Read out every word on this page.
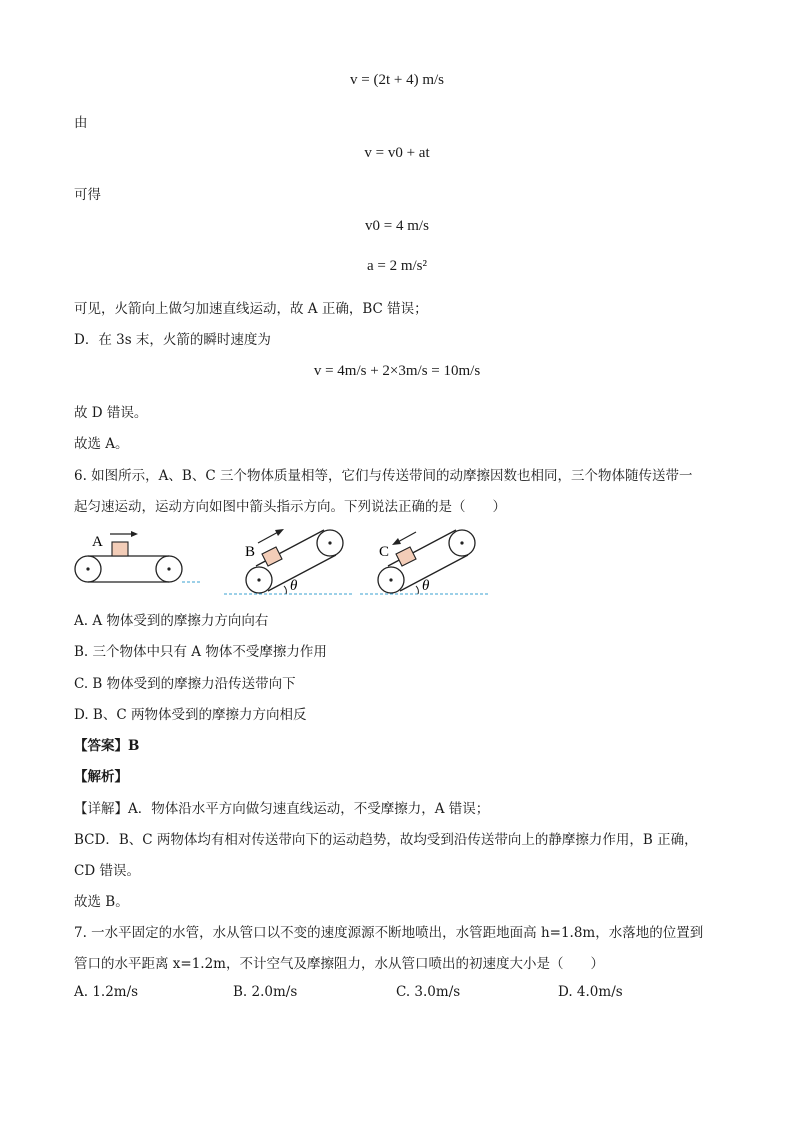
v = (2t + 4) m/s
由
v = v0 + at
可得
v0 = 4 m/s
a = 2 m/s²
可见，火箭向上做匀加速直线运动，故 A 正确，BC 错误；
D．在 3s 末，火箭的瞬时速度为
v = 4m/s + 2×3m/s = 10m/s
故 D 错误。
故选 A。
6. 如图所示，A、B、C 三个物体质量相等，它们与传送带间的动摩擦因数也相同，三个物体随传送带一
起匀速运动，运动方向如图中箭头指示方向。下列说法正确的是（　　）
A
θ
B
θ
C
A. A 物体受到的摩擦力方向向右
B. 三个物体中只有 A 物体不受摩擦力作用
C. B 物体受到的摩擦力沿传送带向下
D. B、C 两物体受到的摩擦力方向相反
【答案】B
【解析】
【详解】A．物体沿水平方向做匀速直线运动，不受摩擦力，A 错误；
BCD．B、C 两物体均有相对传送带向下的运动趋势，故均受到沿传送带向上的静摩擦力作用，B 正确，
CD 错误。
故选 B。
7. 一水平固定的水管，水从管口以不变的速度源源不断地喷出，水管距地面高 h=1.8m，水落地的位置到
管口的水平距离 x=1.2m，不计空气及摩擦阻力，水从管口喷出的初速度大小是（　　）
A. 1.2m/s	B. 2.0m/s	C. 3.0m/s	D. 4.0m/s
